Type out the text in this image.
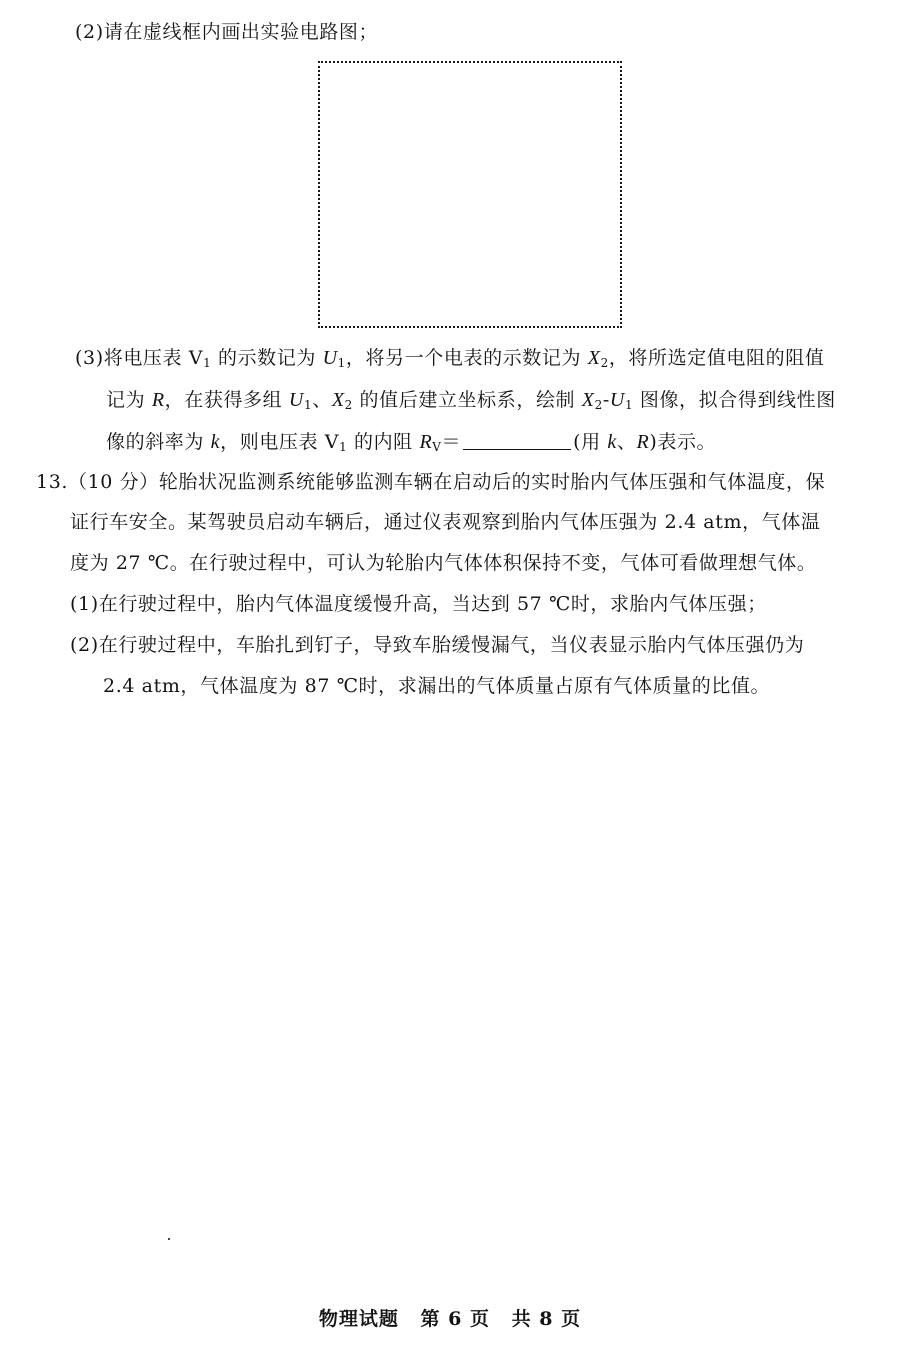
(2)请在虚线框内画出实验电路图；
(3)将电压表 $V_1$ 的示数记为 $U_1$，将另一个电表的示数记为 $X_2$，将所选定值电阻的阻值
记为 R，在获得多组 $U_1$、$X_2$ 的值后建立坐标系，绘制 $X_2-U_1$ 图像，拟合得到线性图
像的斜率为 k，则电压表 $V_1$ 的内阻 $R_V=$	(用 k、R)表示。
13.（10 分）轮胎状况监测系统能够监测车辆在启动后的实时胎内气体压强和气体温度，保
证行车安全。某驾驶员启动车辆后，通过仪表观察到胎内气体压强为 2.4 atm，气体温
度为 27 ℃。在行驶过程中，可认为轮胎内气体体积保持不变，气体可看做理想气体。
(1)在行驶过程中，胎内气体温度缓慢升高，当达到 57 ℃时，求胎内气体压强；
(2)在行驶过程中，车胎扎到钉子，导致车胎缓慢漏气，当仪表显示胎内气体压强仍为
2.4 atm，气体温度为 87 ℃时，求漏出的气体质量占原有气体质量的比值。
物理试题 第 6 页 共 8 页
